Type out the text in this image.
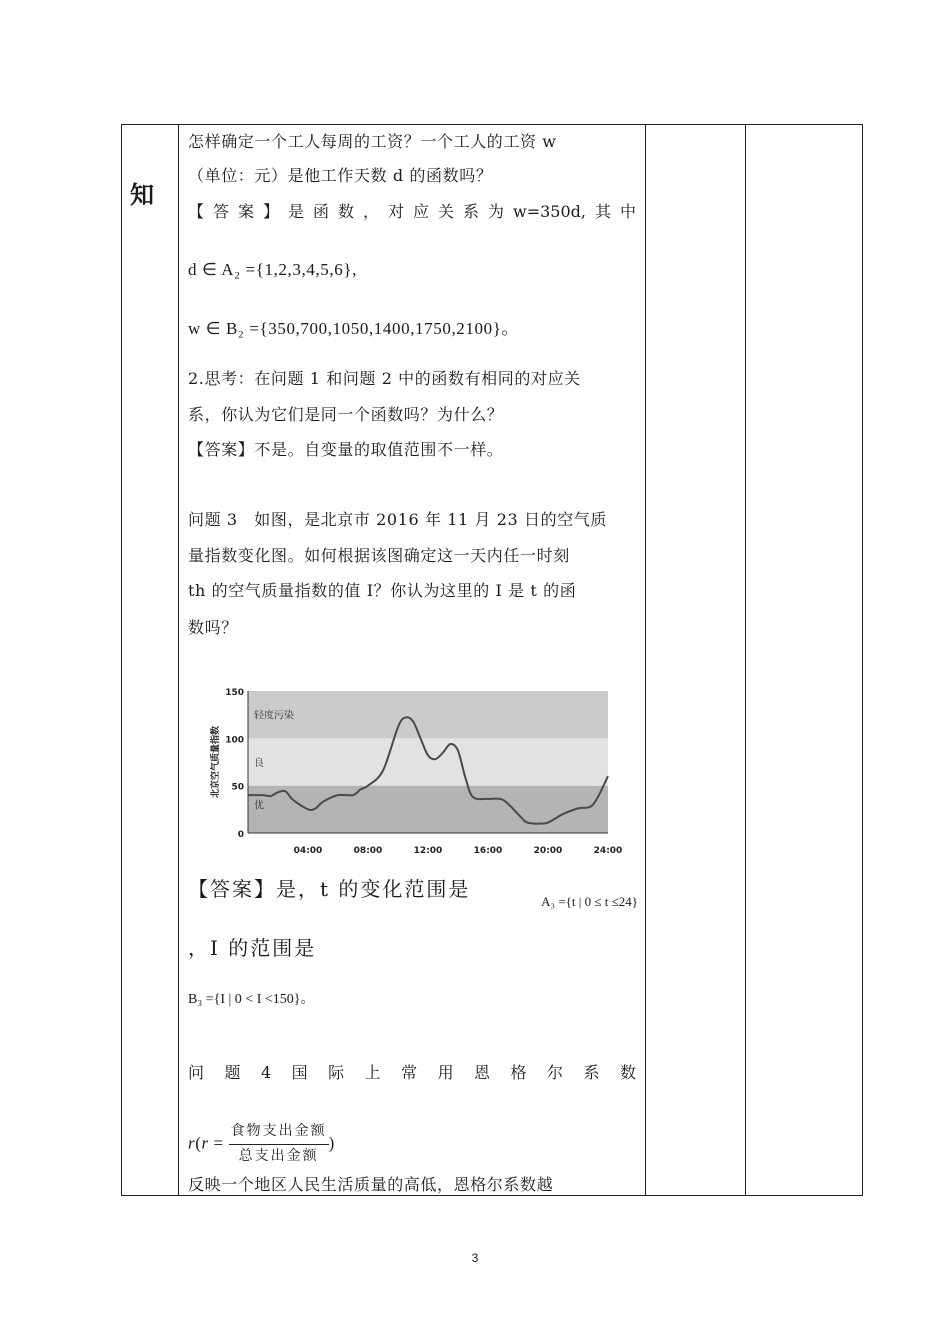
知
怎样确定一个工人每周的工资？一个工人的工资 w
（单位：元）是他工作天数 d 的函数吗？
【 答 案 】 是 函 数 ， 对 应 关 系 为 w=350d, 其 中
d ∈ A₂ ={1,2,3,4,5,6},
w ∈ B₂ ={350,700,1050,1400,1750,2100}。
2.思考：在问题 1 和问题 2 中的函数有相同的对应关
系，你认为它们是同一个函数吗？为什么？
【答案】不是。自变量的取值范围不一样。
问题 3　如图，是北京市 2016 年 11 月 23 日的空气质
量指数变化图。如何根据该图确定这一天内任一时刻
th 的空气质量指数的值 I？你认为这里的 I 是 t 的函
数吗？
优
良
轻度污染
0
50
100
150
04:00	08:00	12:00	16:00	20:00	24:00
北京空气质量指数
【答案】是，t 的变化范围是
A₃ ={t | 0 ≤ t ≤24}
，I 的范围是
B₃ ={I | 0 < I <150}。
问 题 4 国 际 上 常 用 恩 格 尔 系 数
$r(r = \frac{\text{食物支出金额}}{\text{总支出金额}}$ )
反映一个地区人民生活质量的高低，恩格尔系数越
3
